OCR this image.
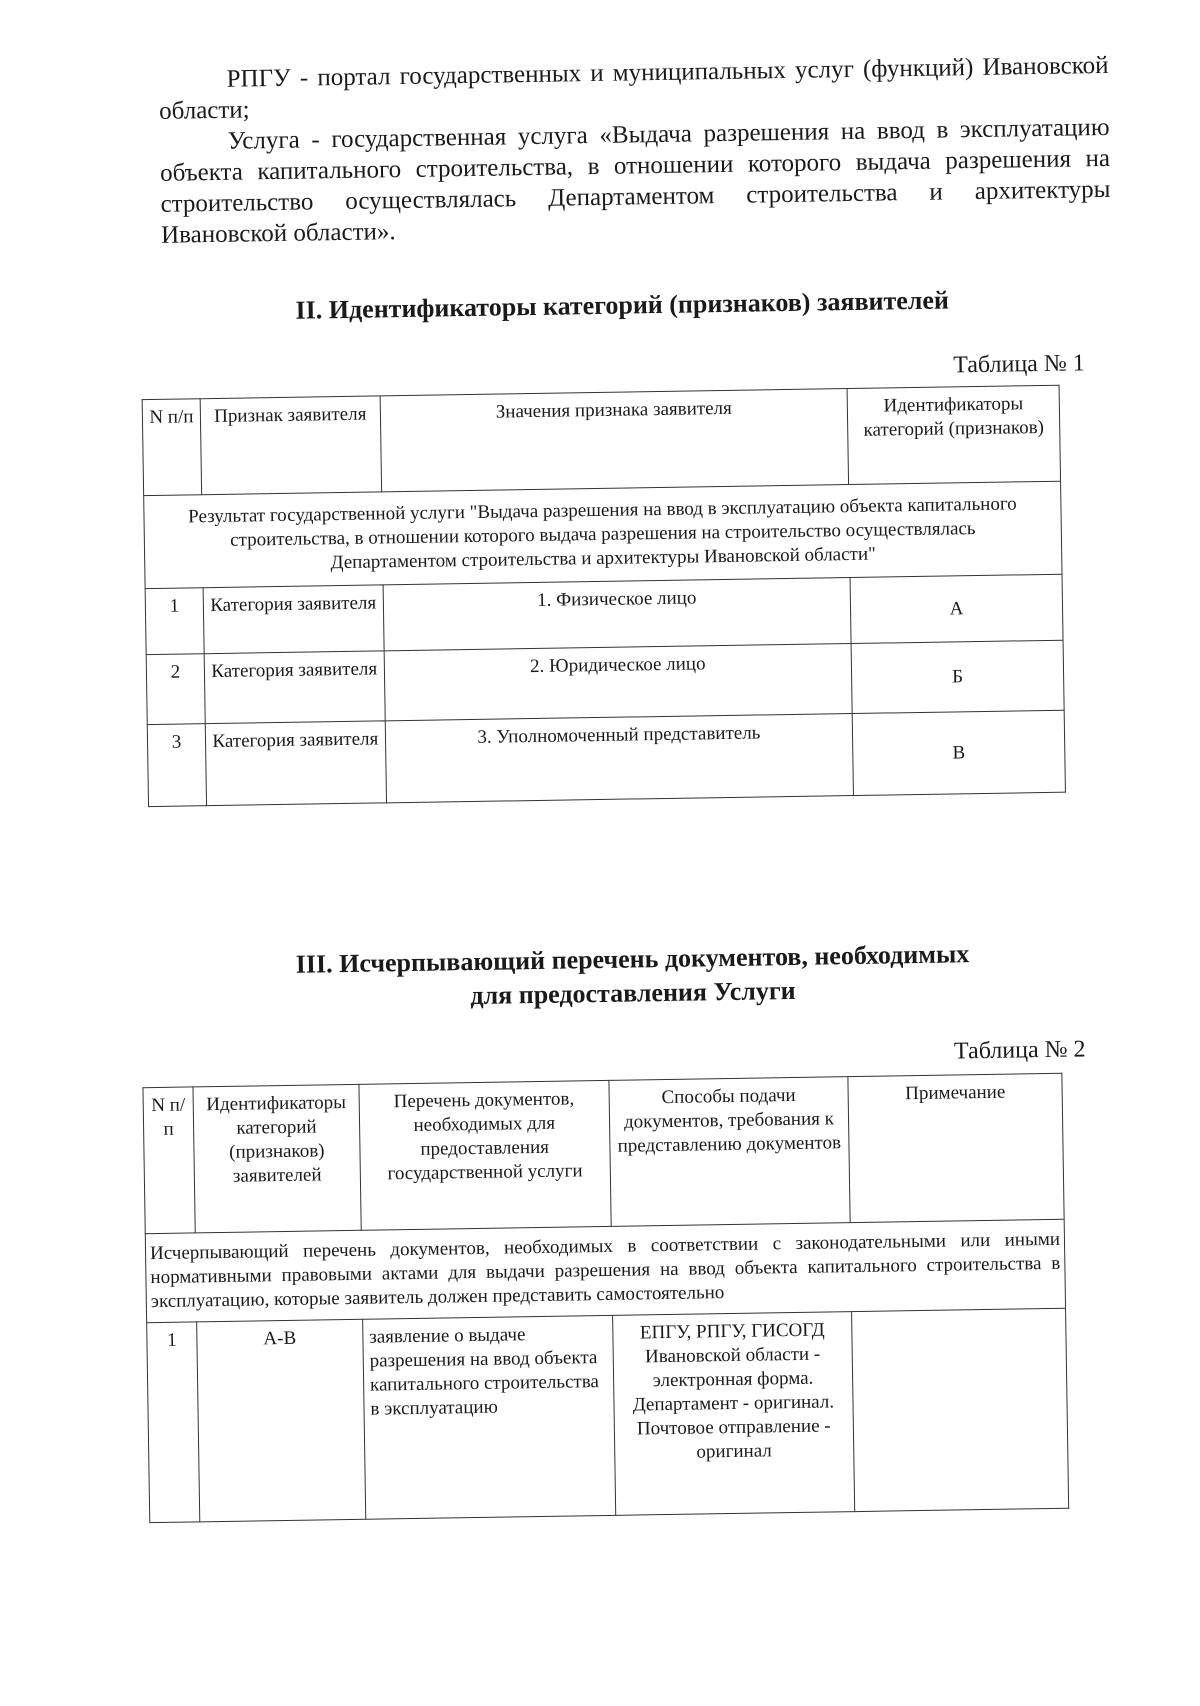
РПГУ - портал государственных и муниципальных услуг (функций) Ивановской области;
Услуга - государственная услуга «Выдача разрешения на ввод в эксплуатацию объекта капитального строительства, в отношении которого выдача разрешения на строительство осуществлялась Департаментом строительства и архитектуры Ивановской области».
II. Идентификаторы категорий (признаков) заявителей
Таблица № 1
N п/п	Признак заявителя	Значения признака заявителя	Идентификаторы категорий (признаков)
Результат государственной услуги "Выдача разрешения на ввод в эксплуатацию объекта капитального строительства, в отношении которого выдача разрешения на строительство осуществлялась Департаментом строительства и архитектуры Ивановской области"			
1	Категория заявителя	1. Физическое лицо	А
2	Категория заявителя	2. Юридическое лицо	Б
3	Категория заявителя	3. Уполномоченный представитель	В
III. Исчерпывающий перечень документов, необходимых
для предоставления Услуги
Таблица № 2
N п/п	Идентификаторы категорий (признаков) заявителей	Перечень документов, необходимых для предоставления государственной услуги	Способы подачи документов, требования к представлению документов	Примечание
Исчерпывающий перечень документов, необходимых в соответствии с законодательными или иными нормативными правовыми актами для выдачи разрешения на ввод объекта капитального строительства в эксплуатацию, которые заявитель должен представить самостоятельно				
1	А-В	заявление о выдаче разрешения на ввод объекта капитального строительства в эксплуатацию	ЕПГУ, РПГУ, ГИСОГД Ивановской области - электронная форма. Департамент - оригинал. Почтовое отправление - оригинал	
